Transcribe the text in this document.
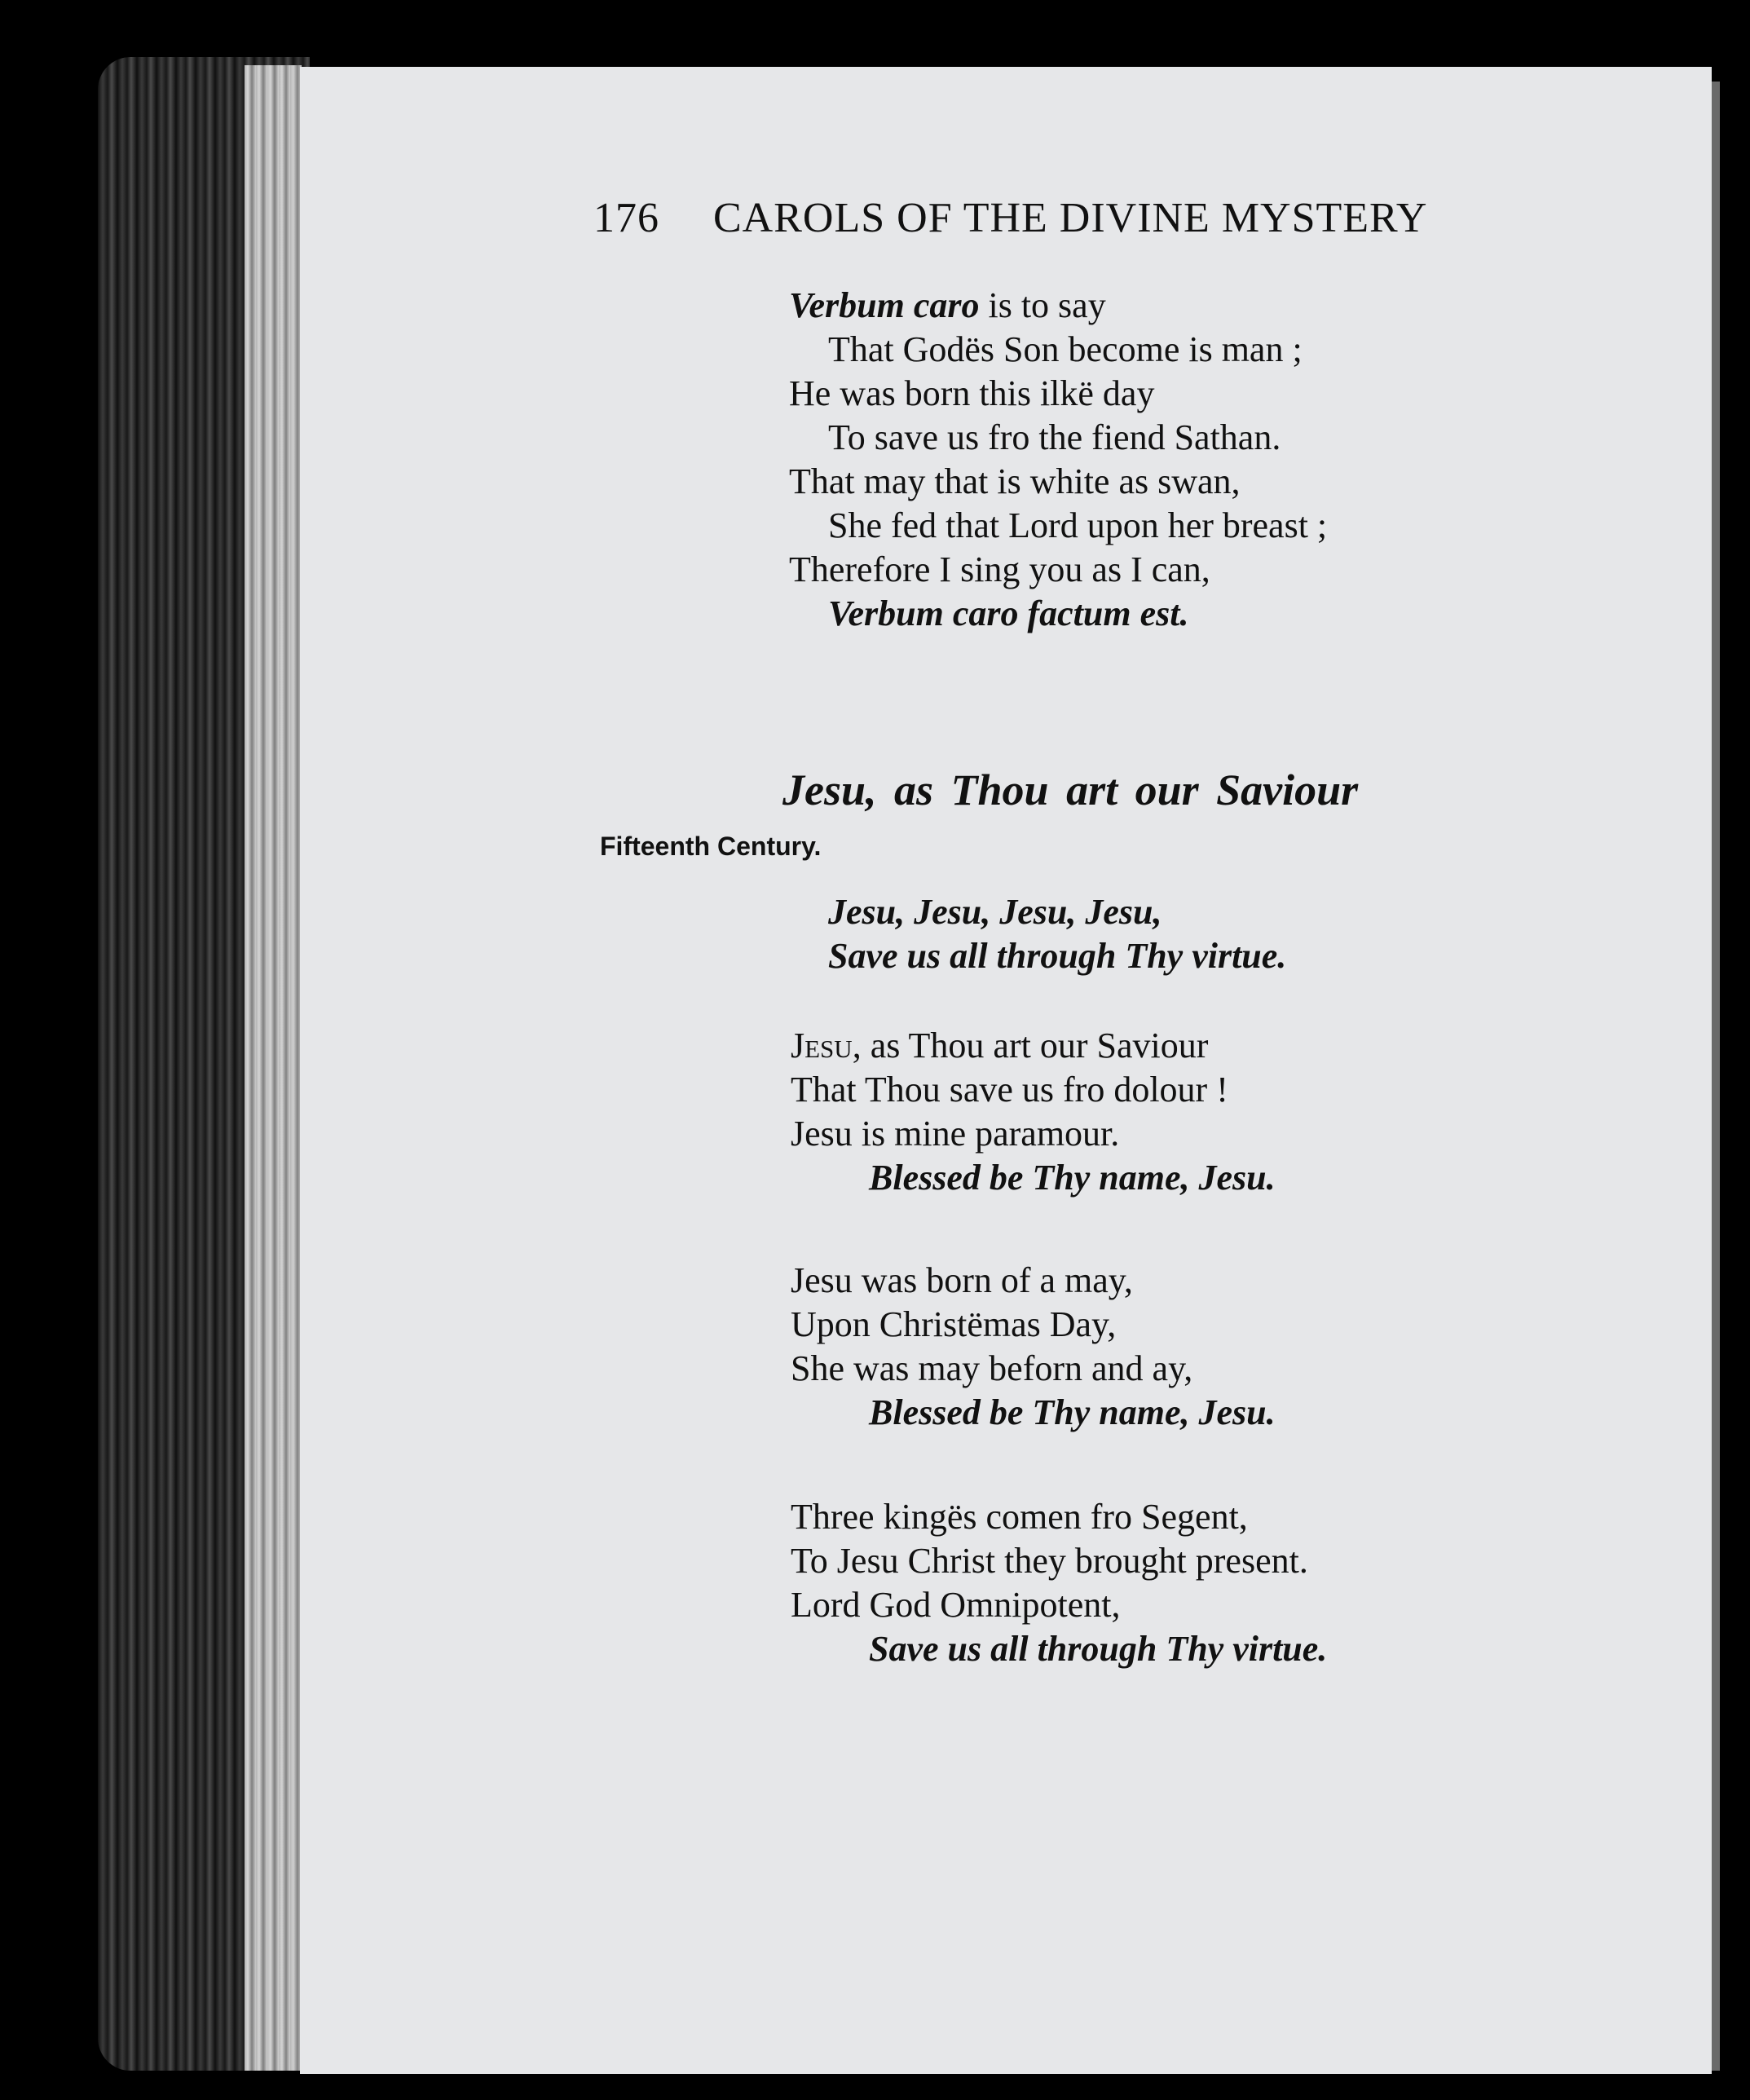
176 CAROLS OF THE DIVINE MYSTERY
Verbum caro is to say
That Godës Son become is man ;
He was born this ilkë day
To save us fro the fiend Sathan.
That may that is white as swan,
She fed that Lord upon her breast ;
Therefore I sing you as I can,
Verbum caro factum est.
Jesu, as Thou art our Saviour
Fifteenth Century.
Jesu, Jesu, Jesu, Jesu,
Save us all through Thy virtue.
Jesu, as Thou art our Saviour
That Thou save us fro dolour !
Jesu is mine paramour.
Blessed be Thy name, Jesu.
Jesu was born of a may,
Upon Christëmas Day,
She was may beforn and ay,
Blessed be Thy name, Jesu.
Three kingës comen fro Segent,
To Jesu Christ they brought present.
Lord God Omnipotent,
Save us all through Thy virtue.
